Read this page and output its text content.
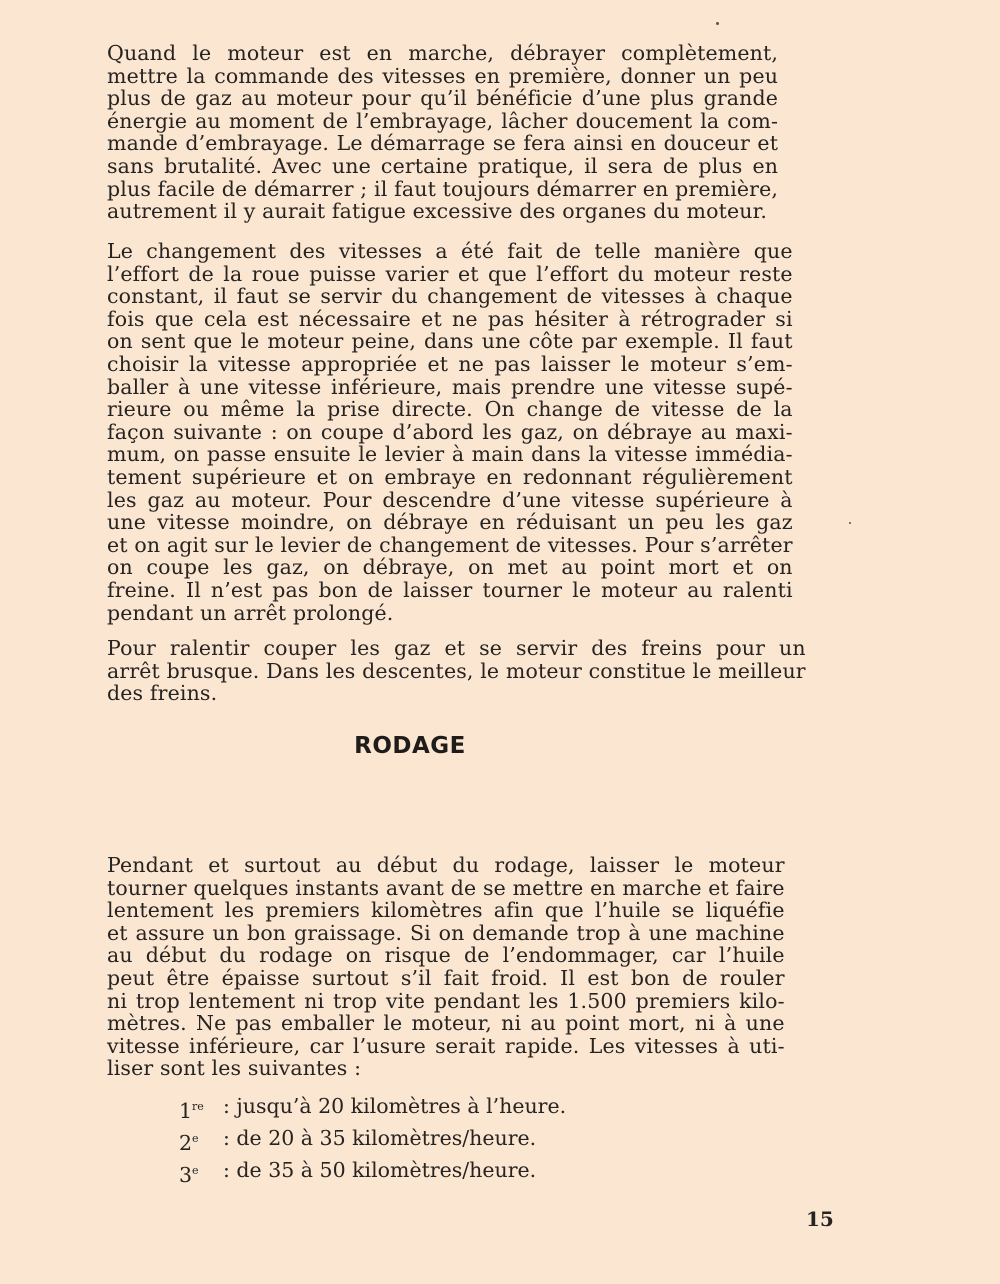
Quand le moteur est en marche, débrayer complètement,
mettre la commande des vitesses en première, donner un peu
plus de gaz au moteur pour qu’il bénéficie d’une plus grande
énergie au moment de l’embrayage, lâcher doucement la com-
mande d’embrayage. Le démarrage se fera ainsi en douceur et
sans brutalité. Avec une certaine pratique, il sera de plus en
plus facile de démarrer ; il faut toujours démarrer en première,
autrement il y aurait fatigue excessive des organes du moteur.
Le changement des vitesses a été fait de telle manière que
l’effort de la roue puisse varier et que l’effort du moteur reste
constant, il faut se servir du changement de vitesses à chaque
fois que cela est nécessaire et ne pas hésiter à rétrograder si
on sent que le moteur peine, dans une côte par exemple. Il faut
choisir la vitesse appropriée et ne pas laisser le moteur s’em-
baller à une vitesse inférieure, mais prendre une vitesse supé-
rieure ou même la prise directe. On change de vitesse de la
façon suivante : on coupe d’abord les gaz, on débraye au maxi-
mum, on passe ensuite le levier à main dans la vitesse immédia-
tement supérieure et on embraye en redonnant régulièrement
les gaz au moteur. Pour descendre d’une vitesse supérieure à
une vitesse moindre, on débraye en réduisant un peu les gaz
et on agit sur le levier de changement de vitesses. Pour s’arrêter
on coupe les gaz, on débraye, on met au point mort et on
freine. Il n’est pas bon de laisser tourner le moteur au ralenti
pendant un arrêt prolongé.
Pour ralentir couper les gaz et se servir des freins pour un
arrêt brusque. Dans les descentes, le moteur constitue le meilleur
des freins.
Pendant et surtout au début du rodage, laisser le moteur
tourner quelques instants avant de se mettre en marche et faire
lentement les premiers kilomètres afin que l’huile se liquéfie
et assure un bon graissage. Si on demande trop à une machine
au début du rodage on risque de l’endommager, car l’huile
peut être épaisse surtout s’il fait froid. Il est bon de rouler
ni trop lentement ni trop vite pendant les 1.500 premiers kilo-
mètres. Ne pas emballer le moteur, ni au point mort, ni à une
vitesse inférieure, car l’usure serait rapide. Les vitesses à uti-
liser sont les suivantes :
1re : jusqu’à 20 kilomètres à l’heure.
2e	: de 20 à 35 kilomètres/heure.
3e	: de 35 à 50 kilomètres/heure.
RODAGE
15
